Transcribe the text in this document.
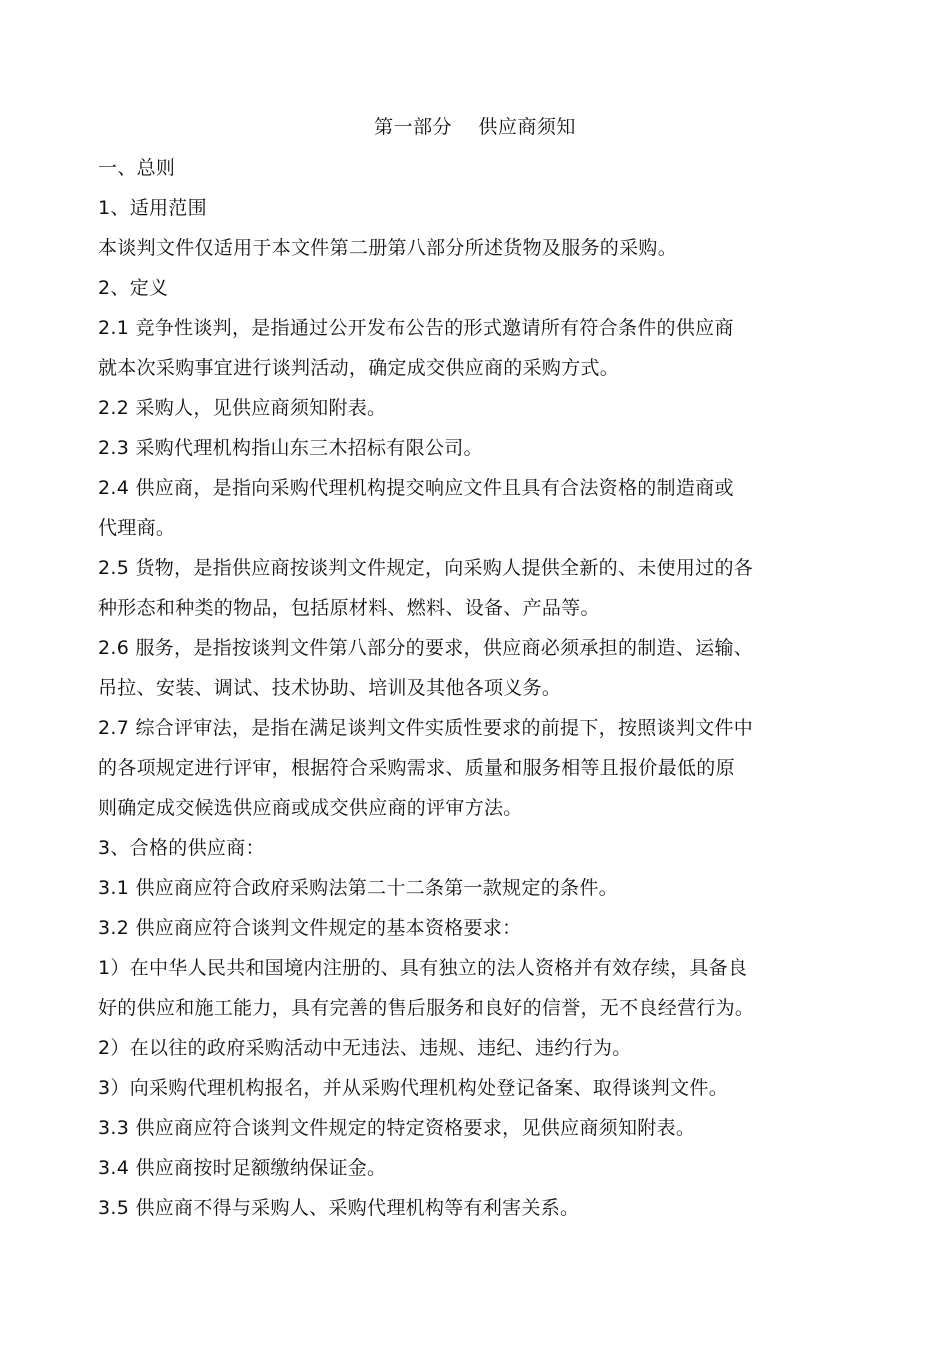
第一部分    供应商须知
一、总则
1、适用范围
本谈判文件仅适用于本文件第二册第八部分所述货物及服务的采购。
2、定义
2.1 竞争性谈判，是指通过公开发布公告的形式邀请所有符合条件的供应商
就本次采购事宜进行谈判活动，确定成交供应商的采购方式。
2.2 采购人，见供应商须知附表。
2.3 采购代理机构指山东三木招标有限公司。
2.4 供应商，是指向采购代理机构提交响应文件且具有合法资格的制造商或
代理商。
2.5 货物，是指供应商按谈判文件规定，向采购人提供全新的、未使用过的各
种形态和种类的物品，包括原材料、燃料、设备、产品等。
2.6 服务，是指按谈判文件第八部分的要求，供应商必须承担的制造、运输、
吊拉、安装、调试、技术协助、培训及其他各项义务。
2.7 综合评审法，是指在满足谈判文件实质性要求的前提下，按照谈判文件中
的各项规定进行评审，根据符合采购需求、质量和服务相等且报价最低的原
则确定成交候选供应商或成交供应商的评审方法。
3、合格的供应商：
3.1 供应商应符合政府采购法第二十二条第一款规定的条件。
3.2 供应商应符合谈判文件规定的基本资格要求：
1）在中华人民共和国境内注册的、具有独立的法人资格并有效存续，具备良
好的供应和施工能力，具有完善的售后服务和良好的信誉，无不良经营行为。
2）在以往的政府采购活动中无违法、违规、违纪、违约行为。
3）向采购代理机构报名，并从采购代理机构处登记备案、取得谈判文件。
3.3 供应商应符合谈判文件规定的特定资格要求，见供应商须知附表。
3.4 供应商按时足额缴纳保证金。
3.5 供应商不得与采购人、采购代理机构等有利害关系。
